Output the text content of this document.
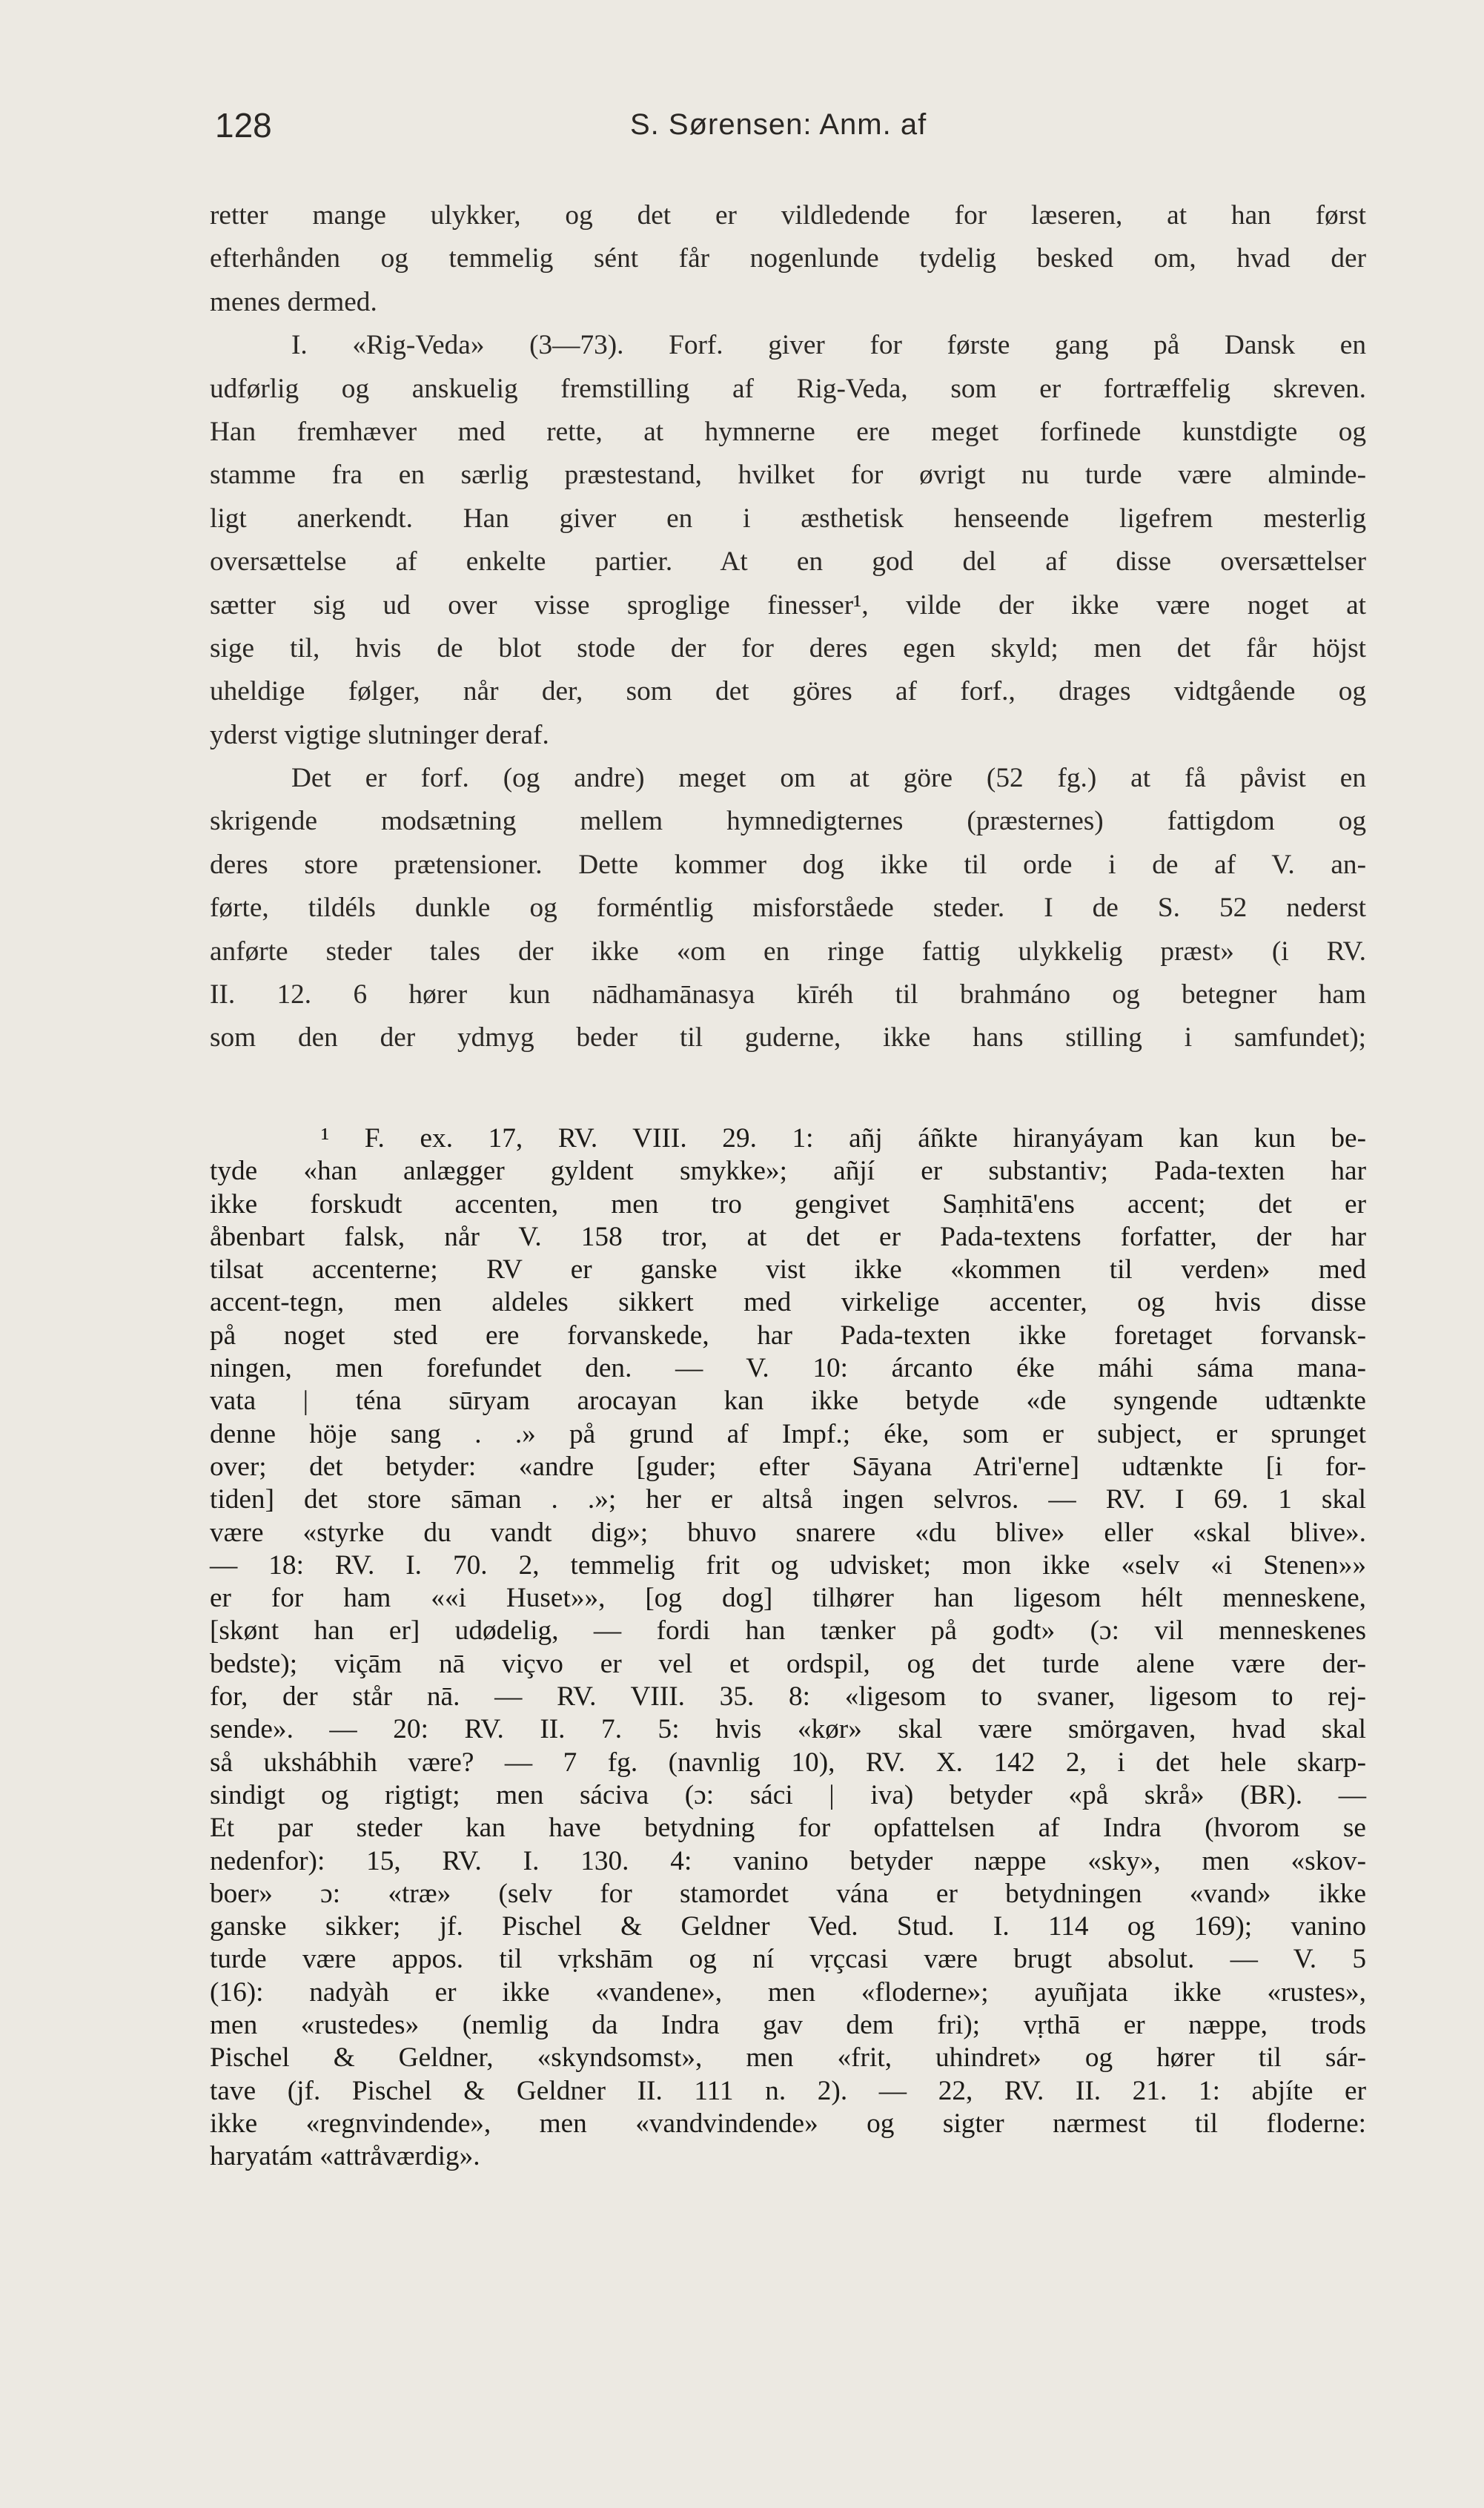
128	S. Sørensen: Anm. af
retter mange ulykker, og det er vildledende for læseren, at han først
efterhånden og temmelig sént får nogenlunde tydelig besked om, hvad der
menes dermed.
I. «Rig-Veda» (3—73). Forf. giver for første gang på Dansk en
udførlig og anskuelig fremstilling af Rig-Veda, som er fortræffelig skreven.
Han fremhæver med rette, at hymnerne ere meget forfinede kunstdigte og
stamme fra en særlig præstestand, hvilket for øvrigt nu turde være alminde-
ligt anerkendt. Han giver en i æsthetisk henseende ligefrem mesterlig
oversættelse af enkelte partier. At en god del af disse oversættelser
sætter sig ud over visse sproglige finesser¹, vilde der ikke være noget at
sige til, hvis de blot stode der for deres egen skyld; men det får höjst
uheldige følger, når der, som det göres af forf., drages vidtgående og
yderst vigtige slutninger deraf.
Det er forf. (og andre) meget om at göre (52 fg.) at få påvist en
skrigende modsætning mellem hymnedigternes (præsternes) fattigdom og
deres store prætensioner. Dette kommer dog ikke til orde i de af V. an-
førte, tildéls dunkle og forméntlig misforståede steder. I de S. 52 nederst
anførte steder tales der ikke «om en ringe fattig ulykkelig præst» (i RV.
II. 12. 6 hører kun nādhamānasya kīréh til brahmáno og betegner ham
som den der ydmyg beder til guderne, ikke hans stilling i samfundet);
¹ F. ex. 17, RV. VIII. 29. 1: añj áñkte hiranyáyam kan kun be-
tyde «han anlægger gyldent smykke»; añjí er substantiv; Pada-texten har
ikke forskudt accenten, men tro gengivet Saṃhitā'ens accent; det er
åbenbart falsk, når V. 158 tror, at det er Pada-textens forfatter, der har
tilsat accenterne; RV er ganske vist ikke «kommen til verden» med
accent-tegn, men aldeles sikkert med virkelige accenter, og hvis disse
på noget sted ere forvanskede, har Pada-texten ikke foretaget forvansk-
ningen, men forefundet den. — V. 10: árcanto éke máhi sáma mana-
vata | téna sūryam arocayan kan ikke betyde «de syngende udtænkte
denne höje sang . .» på grund af Impf.; éke, som er subject, er sprunget
over; det betyder: «andre [guder; efter Sāyana Atri'erne] udtænkte [i for-
tiden] det store sāman . .»; her er altså ingen selvros. — RV. I 69. 1 skal
være «styrke du vandt dig»; bhuvo snarere «du blive» eller «skal blive».
— 18: RV. I. 70. 2, temmelig frit og udvisket; mon ikke «selv «i Stenen»»
er for ham ««i Huset»», [og dog] tilhører han ligesom hélt menneskene,
[skønt han er] udødelig, — fordi han tænker på godt» (ɔ: vil menneskenes
bedste); viçām nā viçvo er vel et ordspil, og det turde alene være der-
for, der står nā. — RV. VIII. 35. 8: «ligesom to svaner, ligesom to rej-
sende». — 20: RV. II. 7. 5: hvis «kør» skal være smörgaven, hvad skal
så ukshábhih være? — 7 fg. (navnlig 10), RV. X. 142 2, i det hele skarp-
sindigt og rigtigt; men sáciva (ɔ: sáci | iva) betyder «på skrå» (BR). —
Et par steder kan have betydning for opfattelsen af Indra (hvorom se
nedenfor): 15, RV. I. 130. 4: vanino betyder næppe «sky», men «skov-
boer» ɔ: «træ» (selv for stamordet vána er betydningen «vand» ikke
ganske sikker; jf. Pischel & Geldner Ved. Stud. I. 114 og 169); vanino
turde være appos. til vṛkshām og ní vṛçcasi være brugt absolut. — V. 5
(16): nadyàh er ikke «vandene», men «floderne»; ayuñjata ikke «rustes»,
men «rustedes» (nemlig da Indra gav dem fri); vṛthā er næppe, trods
Pischel & Geldner, «skyndsomst», men «frit, uhindret» og hører til sár-
tave (jf. Pischel & Geldner II. 111 n. 2). — 22, RV. II. 21. 1: abjíte er
ikke «regnvindende», men «vandvindende» og sigter nærmest til floderne:
haryatám «attråværdig».
